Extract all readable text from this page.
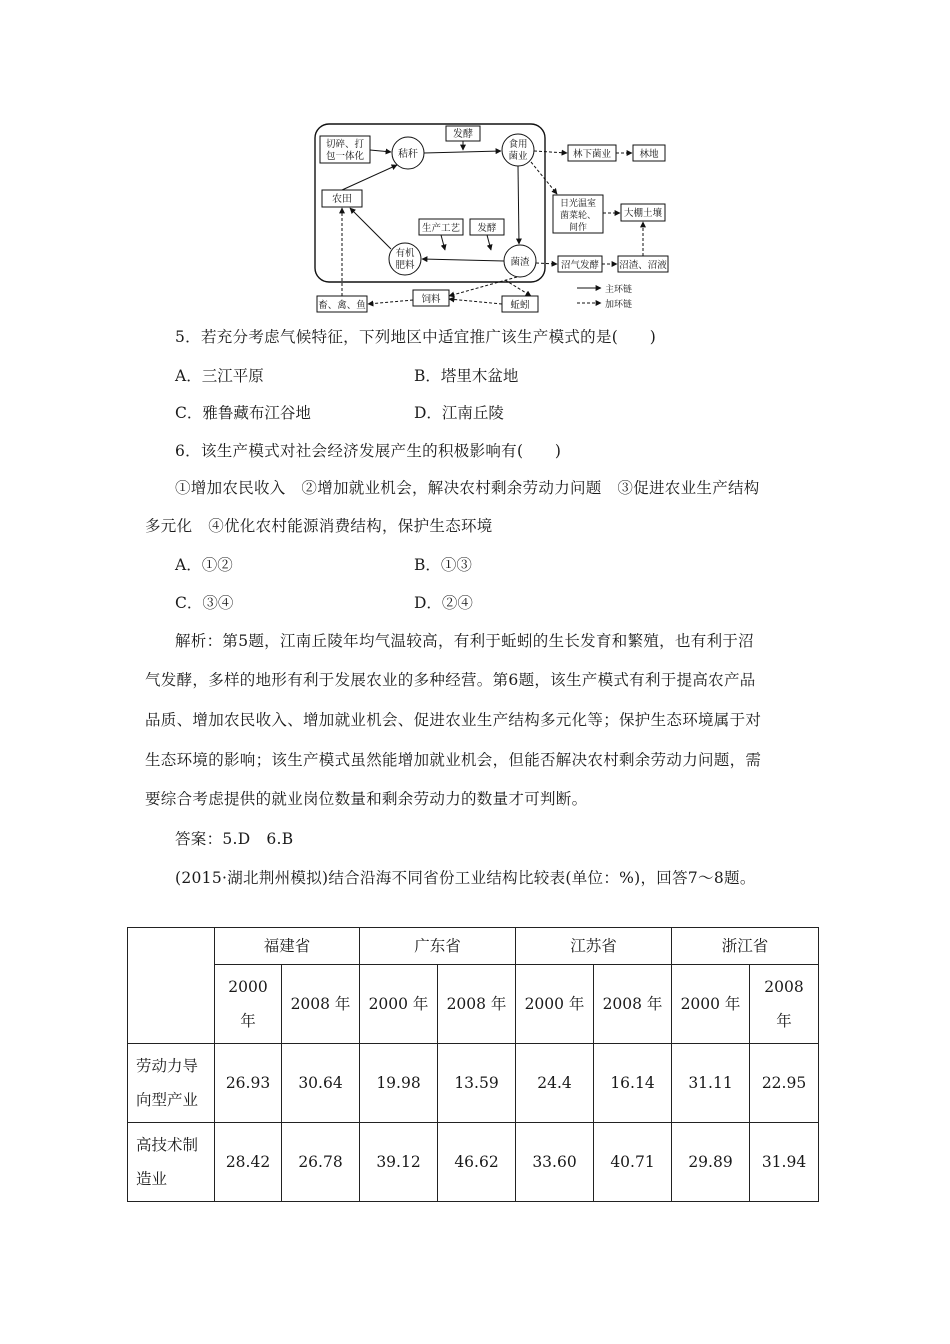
切碎、打
包一体化	秸秆
发酵
食用
菌业	林下菌业	林地
农田	日光温室
菌菜轮、
间作
大棚土壤
生产工艺 发酵
有机
肥料	菌渣	沼气发酵 沼渣、沼液
畜、禽、鱼
饲料
蚯蚓
主环链
加环链
5．若充分考虑气候特征，下列地区中适宜推广该生产模式的是(　　)
A．三江平原	B．塔里木盆地
C．雅鲁藏布江谷地	D．江南丘陵
6．该生产模式对社会经济发展产生的积极影响有(　　)
①增加农民收入　②增加就业机会，解决农村剩余劳动力问题　③促进农业生产结构
多元化　④优化农村能源消费结构，保护生态环境
A．①②	B．①③
C．③④	D．②④
解析：第5题，江南丘陵年均气温较高，有利于蚯蚓的生长发育和繁殖，也有利于沼
气发酵，多样的地形有利于发展农业的多种经营。第6题，该生产模式有利于提高农产品
品质、增加农民收入、增加就业机会、促进农业生产结构多元化等；保护生态环境属于对
生态环境的影响；该生产模式虽然能增加就业机会，但能否解决农村剩余劳动力问题，需
要综合考虑提供的就业岗位数量和剩余劳动力的数量才可判断。
答案：5.D　6.B
(2015·湖北荆州模拟)结合沿海不同省份工业结构比较表(单位：%)，回答7～8题。
	福建省		广东省		江苏省		浙江省	

	2000
年	2008 年	2000 年	2008 年	2000 年	2008 年	2000 年	2008
年

劳动力导
向型产业	26.93	30.64	19.98	13.59	24.4	16.14	31.11	22.95

高技术制
造业	28.42	26.78	39.12	46.62	33.60	40.71	29.89	31.94
